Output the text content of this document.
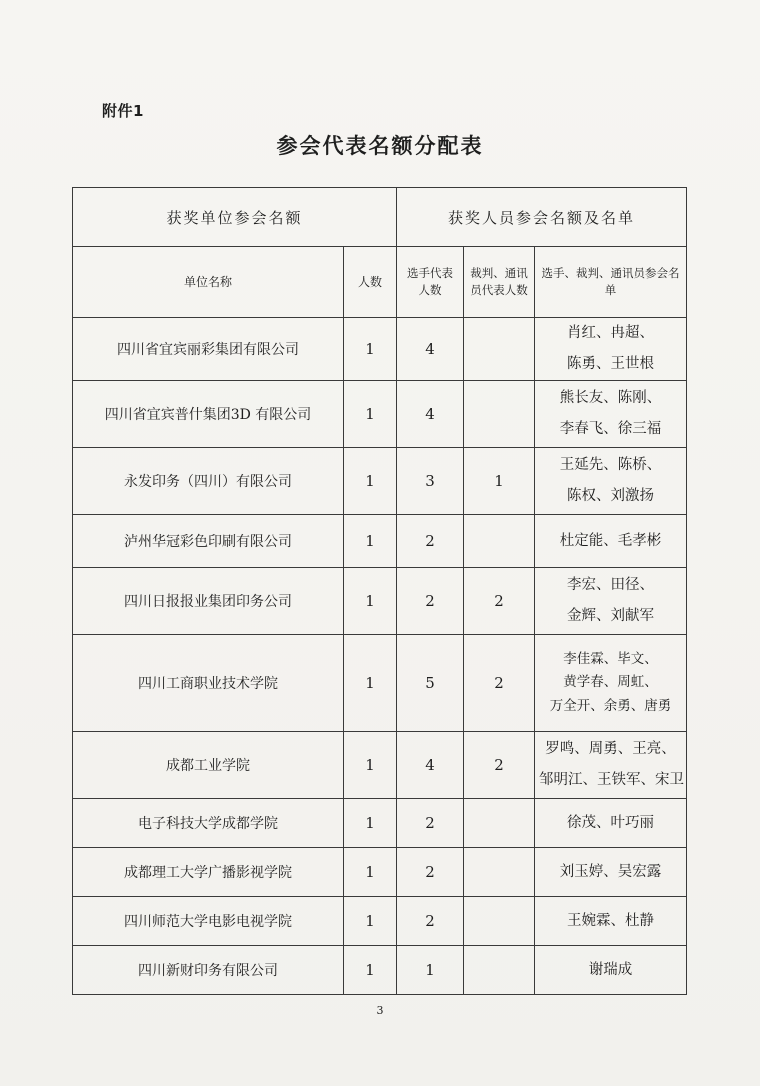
附件1
参会代表名额分配表
获奖单位参会名额		获奖人员参会名额及名单		
单位名称	人数	选手代表人数	裁判、通讯员代表人数	选手、裁判、通讯员参会名单
四川省宜宾丽彩集团有限公司	1	4		肖红、冉超、
陈勇、王世根

四川省宜宾普什集团3D 有限公司	1	4		熊长友、陈刚、
李春飞、徐三福

永发印务（四川）有限公司	1	3	1	王延先、陈桥、
陈权、刘激扬

泸州华冠彩色印刷有限公司	1	2		杜定能、毛孝彬

四川日报报业集团印务公司	1	2	2	李宏、田径、
金辉、刘献军

四川工商职业技术学院	1	5	2	李佳霖、毕文、
黄学春、周虹、
万全开、余勇、唐勇

成都工业学院	1	4	2	罗鸣、周勇、王亮、
邹明江、王铁军、宋卫

电子科技大学成都学院	1	2		徐茂、叶巧丽

成都理工大学广播影视学院	1	2		刘玉婷、吴宏露

四川师范大学电影电视学院	1	2		王婉霖、杜静

四川新财印务有限公司	1	1		谢瑞成
3
